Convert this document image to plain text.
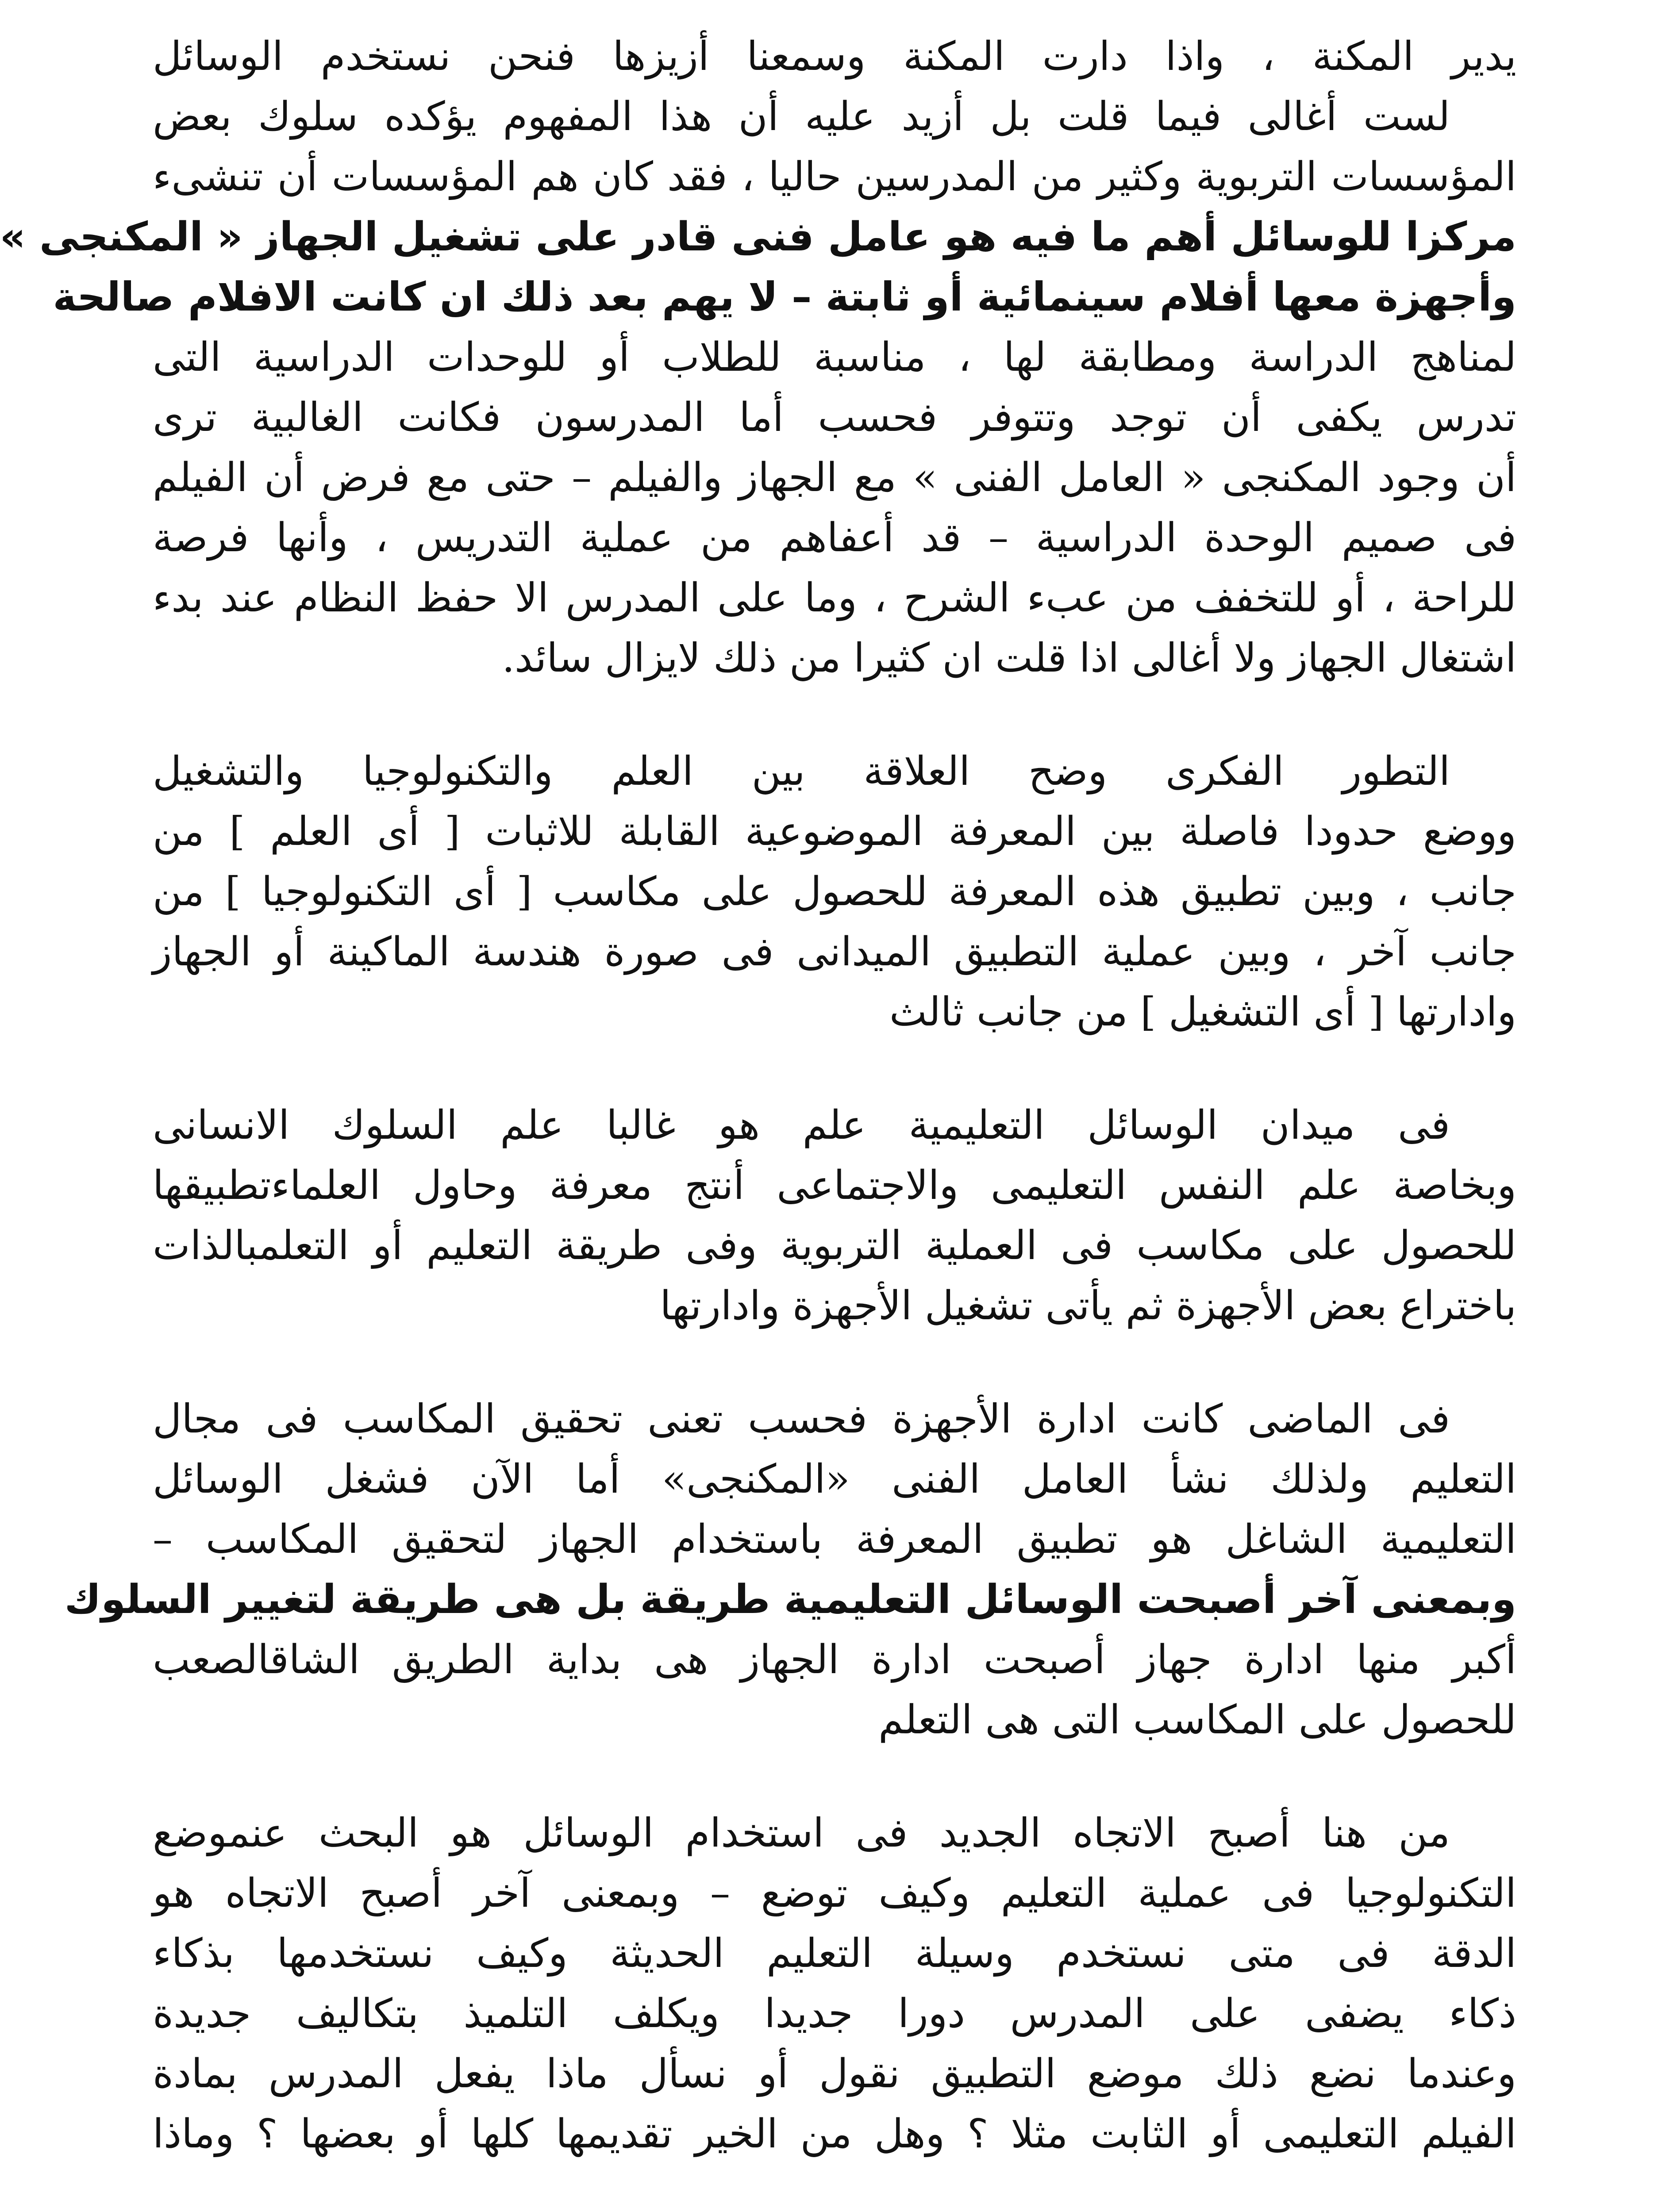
يدير المكنة ، واذا دارت المكنة وسمعنا أزيزها فنحن نستخدم الوسائل
لست أغالى فيما قلت بل أزيد عليه أن هذا المفهوم يؤكده سلوك بعض
المؤسسات التربوية وكثير من المدرسين حاليا ، فقد كان هم المؤسسات أن تنشىء
مركزا للوسائل أهم ما فيه هو عامل فنى قادر على تشغيل الجهاز « المكنجى »
وأجهزة معها أفلام سينمائية أو ثابتة – لا يهم بعد ذلك ان كانت الافلام صالحة
لمناهج الدراسة ومطابقة لها ، مناسبة للطلاب أو للوحدات الدراسية التى
تدرس يكفى أن توجد وتتوفر فحسب أما المدرسون فكانت الغالبية ترى
أن وجود المكنجى « العامل الفنى » مع الجهاز والفيلم – حتى مع فرض أن الفيلم
فى صميم الوحدة الدراسية – قد أعفاهم من عملية التدريس ، وأنها فرصة
للراحة ، أو للتخفف من عبء الشرح ، وما على المدرس الا حفظ النظام عند بدء
اشتغال الجهاز ولا أغالى اذا قلت ان كثيرا من ذلك لايزال سائد.
التطور الفكرى وضح العلاقة بين العلم والتكنولوجيا والتشغيل
ووضع حدودا فاصلة بين المعرفة الموضوعية القابلة للاثبات [ أى العلم ] من
جانب ، وبين تطبيق هذه المعرفة للحصول على مكاسب [ أى التكنولوجيا ] من
جانب آخر ، وبين عملية التطبيق الميدانى فى صورة هندسة الماكينة أو الجهاز
وادارتها [ أى التشغيل ] من جانب ثالث
فى ميدان الوسائل التعليمية علم هو غالبا علم السلوك الانسانى
وبخاصة علم النفس التعليمى والاجتماعى أنتج معرفة وحاول العلماءتطبيقها
للحصول على مكاسب فى العملية التربوية وفى طريقة التعليم أو التعلمبالذات
باختراع بعض الأجهزة ثم يأتى تشغيل الأجهزة وادارتها
فى الماضى كانت ادارة الأجهزة فحسب تعنى تحقيق المكاسب فى مجال
التعليم ولذلك نشأ العامل الفنى «المكنجى» أما الآن فشغل الوسائل
التعليمية الشاغل هو تطبيق المعرفة باستخدام الجهاز لتحقيق المكاسب –
وبمعنى آخر أصبحت الوسائل التعليمية طريقة بل هى طريقة لتغيير السلوك
أكبر منها ادارة جهاز أصبحت ادارة الجهاز هى بداية الطريق الشاقالصعب
للحصول على المكاسب التى هى التعلم
من هنا أصبح الاتجاه الجديد فى استخدام الوسائل هو البحث عنموضع
التكنولوجيا فى عملية التعليم وكيف توضع – وبمعنى آخر أصبح الاتجاه هو
الدقة فى متى نستخدم وسيلة التعليم الحديثة وكيف نستخدمها بذكاء
ذكاء يضفى على المدرس دورا جديدا ويكلف التلميذ بتكاليف جديدة
وعندما نضع ذلك موضع التطبيق نقول أو نسأل ماذا يفعل المدرس بمادة
الفيلم التعليمى أو الثابت مثلا ؟ وهل من الخير تقديمها كلها أو بعضها ؟ وماذا
